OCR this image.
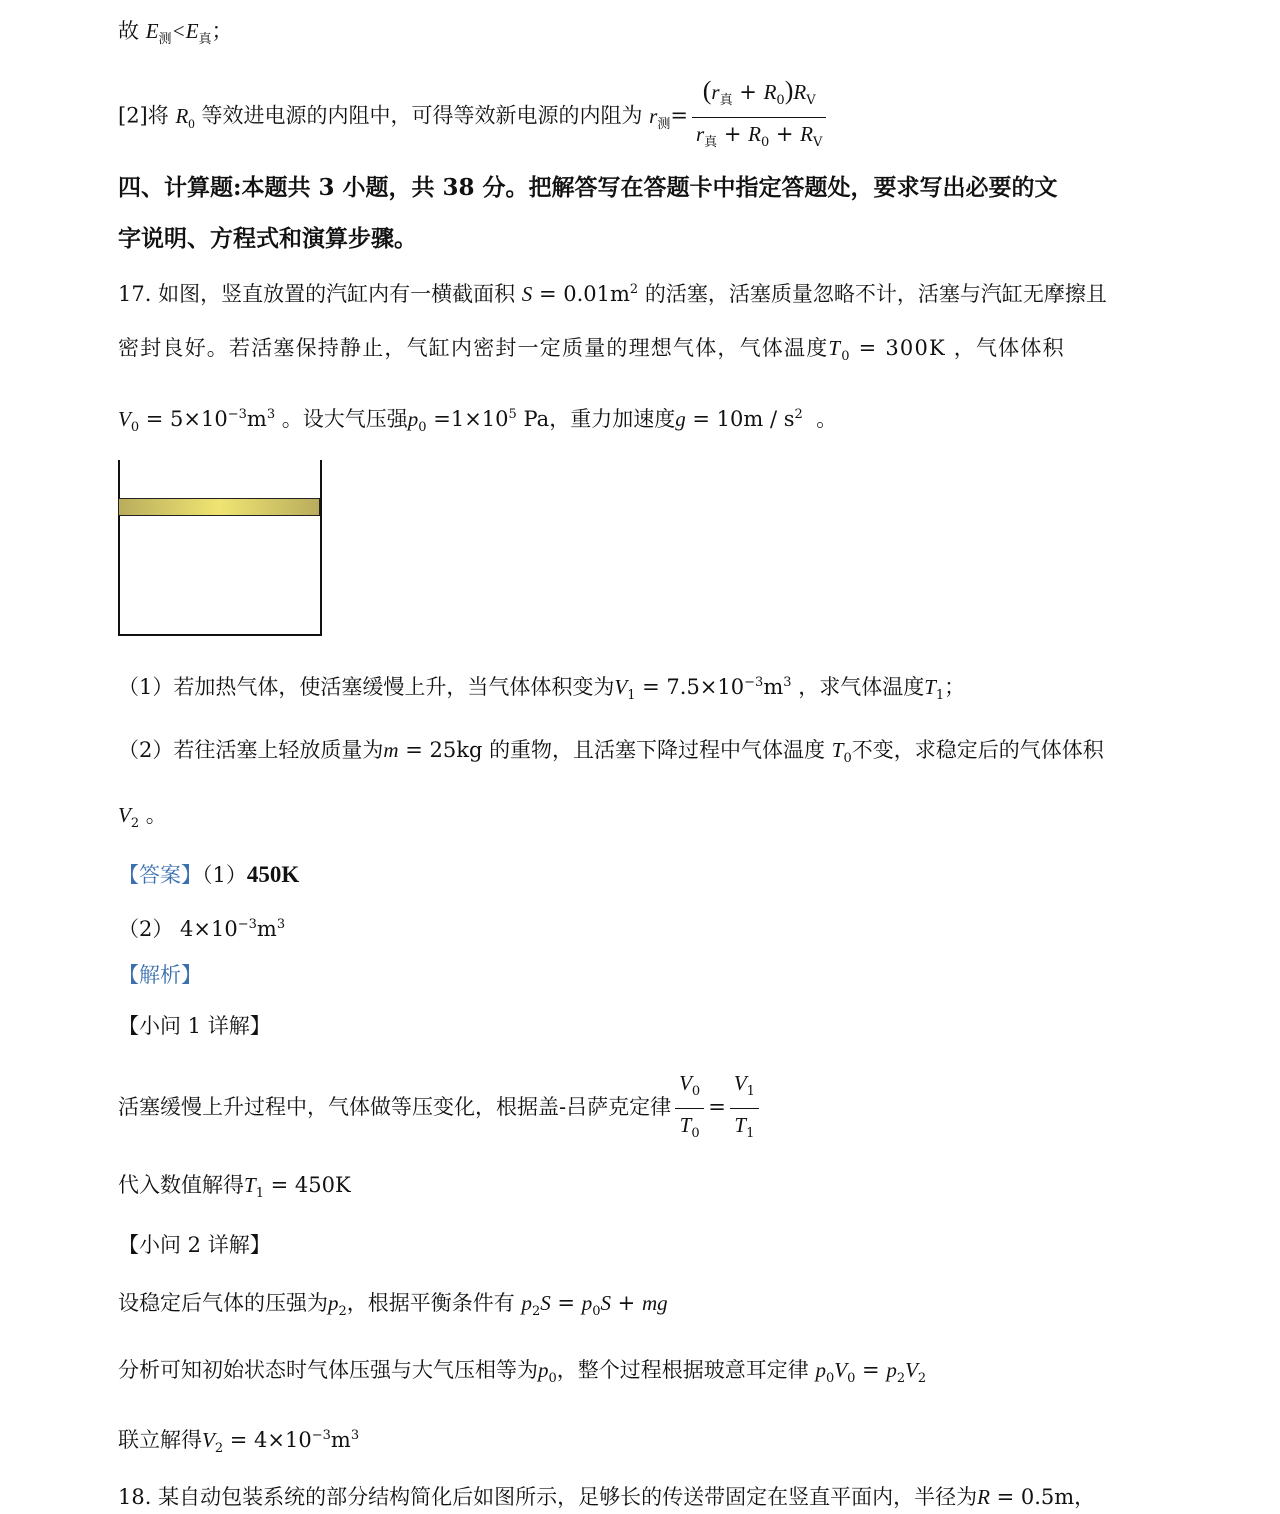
故 $E_测<E_真$；
[2]将 $R_0$ 等效进电源的内阻中，可得等效新电源的内阻为 $r_测= \frac{(r_真 + R_0)R_V}{r_真 + R_0 + R_V}$
四、计算题:本题共 3 小题，共 38 分。把解答写在答题卡中指定答题处，要求写出必要的文
字说明、方程式和演算步骤。
17. 如图，竖直放置的汽缸内有一横截面积 $S = 0.01m^2$ 的活塞，活塞质量忽略不计，活塞与汽缸无摩擦且
密封良好。若活塞保持静止，气缸内密封一定质量的理想气体，气体温度$T_0 = 300K$ ，气体体积
$V_0 = 5\times 10^{-3}m^3$ 。设大气压强$p_0 =1\times 10^5$ Pa，重力加速度$g = 10m / s^2$ 。
（1）若加热气体，使活塞缓慢上升，当气体体积变为$V_1 = 7.5\times 10^{-3}m^3$ ，求气体温度$T_1$；
（2）若往活塞上轻放质量为m = 25kg 的重物，且活塞下降过程中气体温度 $T_0$不变，求稳定后的气体体积
$V_2$ 。
【答案】（1）450K
（2） $4\times 10^{-3}m^3$
【解析】
【小问 1 详解】
活塞缓慢上升过程中，气体做等压变化，根据盖-吕萨克定律 $\frac{V_0}{T_0} = \frac{V_1}{T_1}$
代入数值解得$T_1 = 450K$
【小问 2 详解】
设稳定后气体的压强为$p_2$，根据平衡条件有 $p_2S = p_0S$ + mg
分析可知初始状态时气体压强与大气压相等为$p_0$，整个过程根据玻意耳定律 $p_0V_0 = p_2V_2$
联立解得$V_2 = 4\times 10^{-3}m^3$
18. 某自动包装系统的部分结构简化后如图所示，足够长的传送带固定在竖直平面内，半径为R = 0.5m，
